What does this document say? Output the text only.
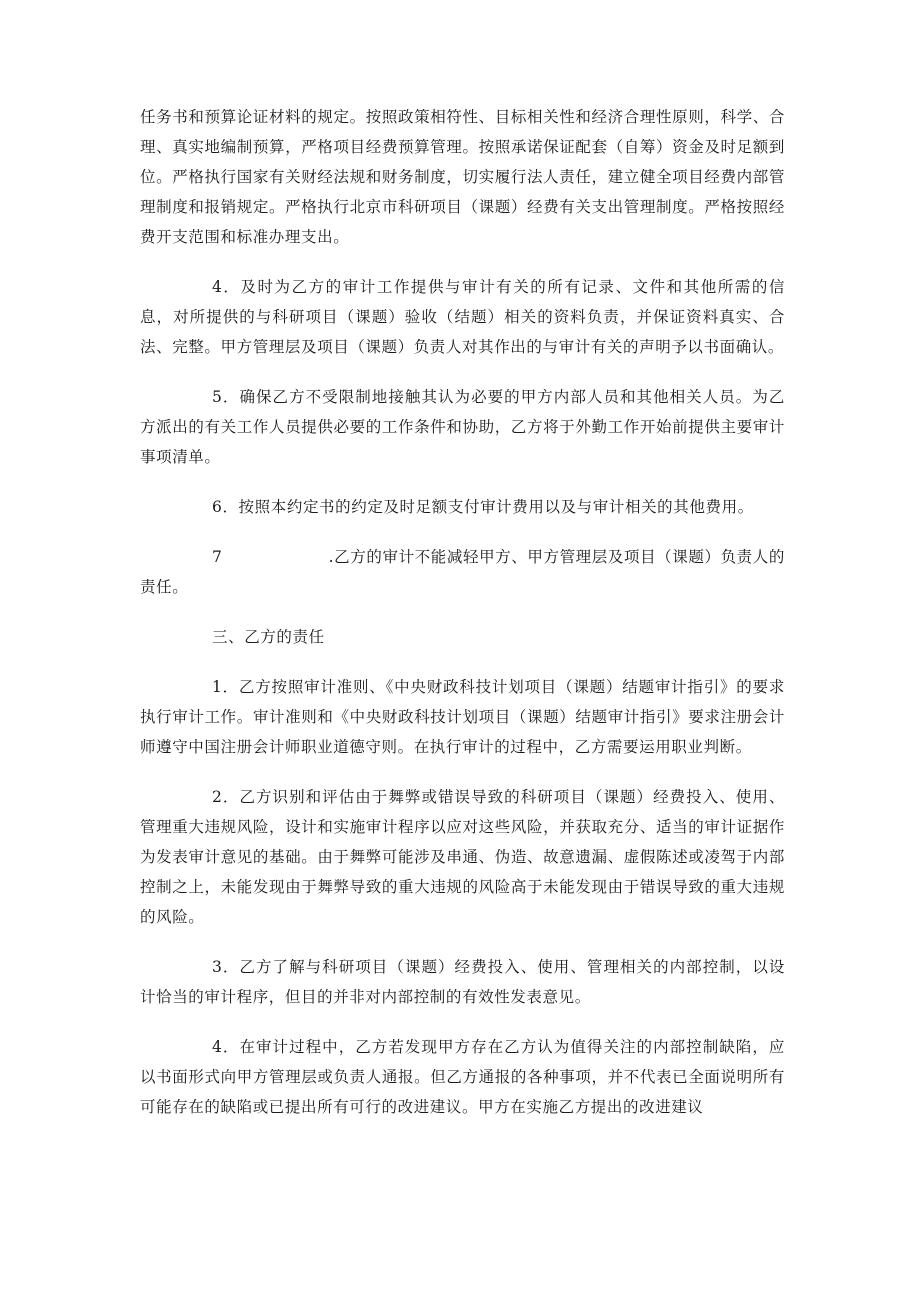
任务书和预算论证材料的规定。按照政策相符性、目标相关性和经济合理性原则，科学、合理、真实地编制预算，严格项目经费预算管理。按照承诺保证配套（自筹）资金及时足额到位。严格执行国家有关财经法规和财务制度，切实履行法人责任，建立健全项目经费内部管理制度和报销规定。严格执行北京市科研项目（课题）经费有关支出管理制度。严格按照经费开支范围和标准办理支出。

4．及时为乙方的审计工作提供与审计有关的所有记录、文件和其他所需的信息，对所提供的与科研项目（课题）验收（结题）相关的资料负责，并保证资料真实、合法、完整。甲方管理层及项目（课题）负责人对其作出的与审计有关的声明予以书面确认。

5．确保乙方不受限制地接触其认为必要的甲方内部人员和其他相关人员。为乙方派出的有关工作人员提供必要的工作条件和协助，乙方将于外勤工作开始前提供主要审计事项清单。

6．按照本约定书的约定及时足额支付审计费用以及与审计相关的其他费用。

7	.乙方的审计不能减轻甲方、甲方管理层及项目（课题）负责人的

责任。

三、乙方的责任

1．乙方按照审计准则、《中央财政科技计划项目（课题）结题审计指引》的要求执行审计工作。审计准则和《中央财政科技计划项目（课题）结题审计指引》要求注册会计师遵守中国注册会计师职业道德守则。在执行审计的过程中，乙方需要运用职业判断。

2．乙方识别和评估由于舞弊或错误导致的科研项目（课题）经费投入、使用、管理重大违规风险，设计和实施审计程序以应对这些风险，并获取充分、适当的审计证据作为发表审计意见的基础。由于舞弊可能涉及串通、伪造、故意遗漏、虚假陈述或凌驾于内部控制之上，未能发现由于舞弊导致的重大违规的风险高于未能发现由于错误导致的重大违规的风险。

3．乙方了解与科研项目（课题）经费投入、使用、管理相关的内部控制，以设计恰当的审计程序，但目的并非对内部控制的有效性发表意见。

4．在审计过程中，乙方若发现甲方存在乙方认为值得关注的内部控制缺陷，应以书面形式向甲方管理层或负责人通报。但乙方通报的各种事项，并不代表已全面说明所有可能存在的缺陷或已提出所有可行的改进建议。甲方在实施乙方提出的改进建议
